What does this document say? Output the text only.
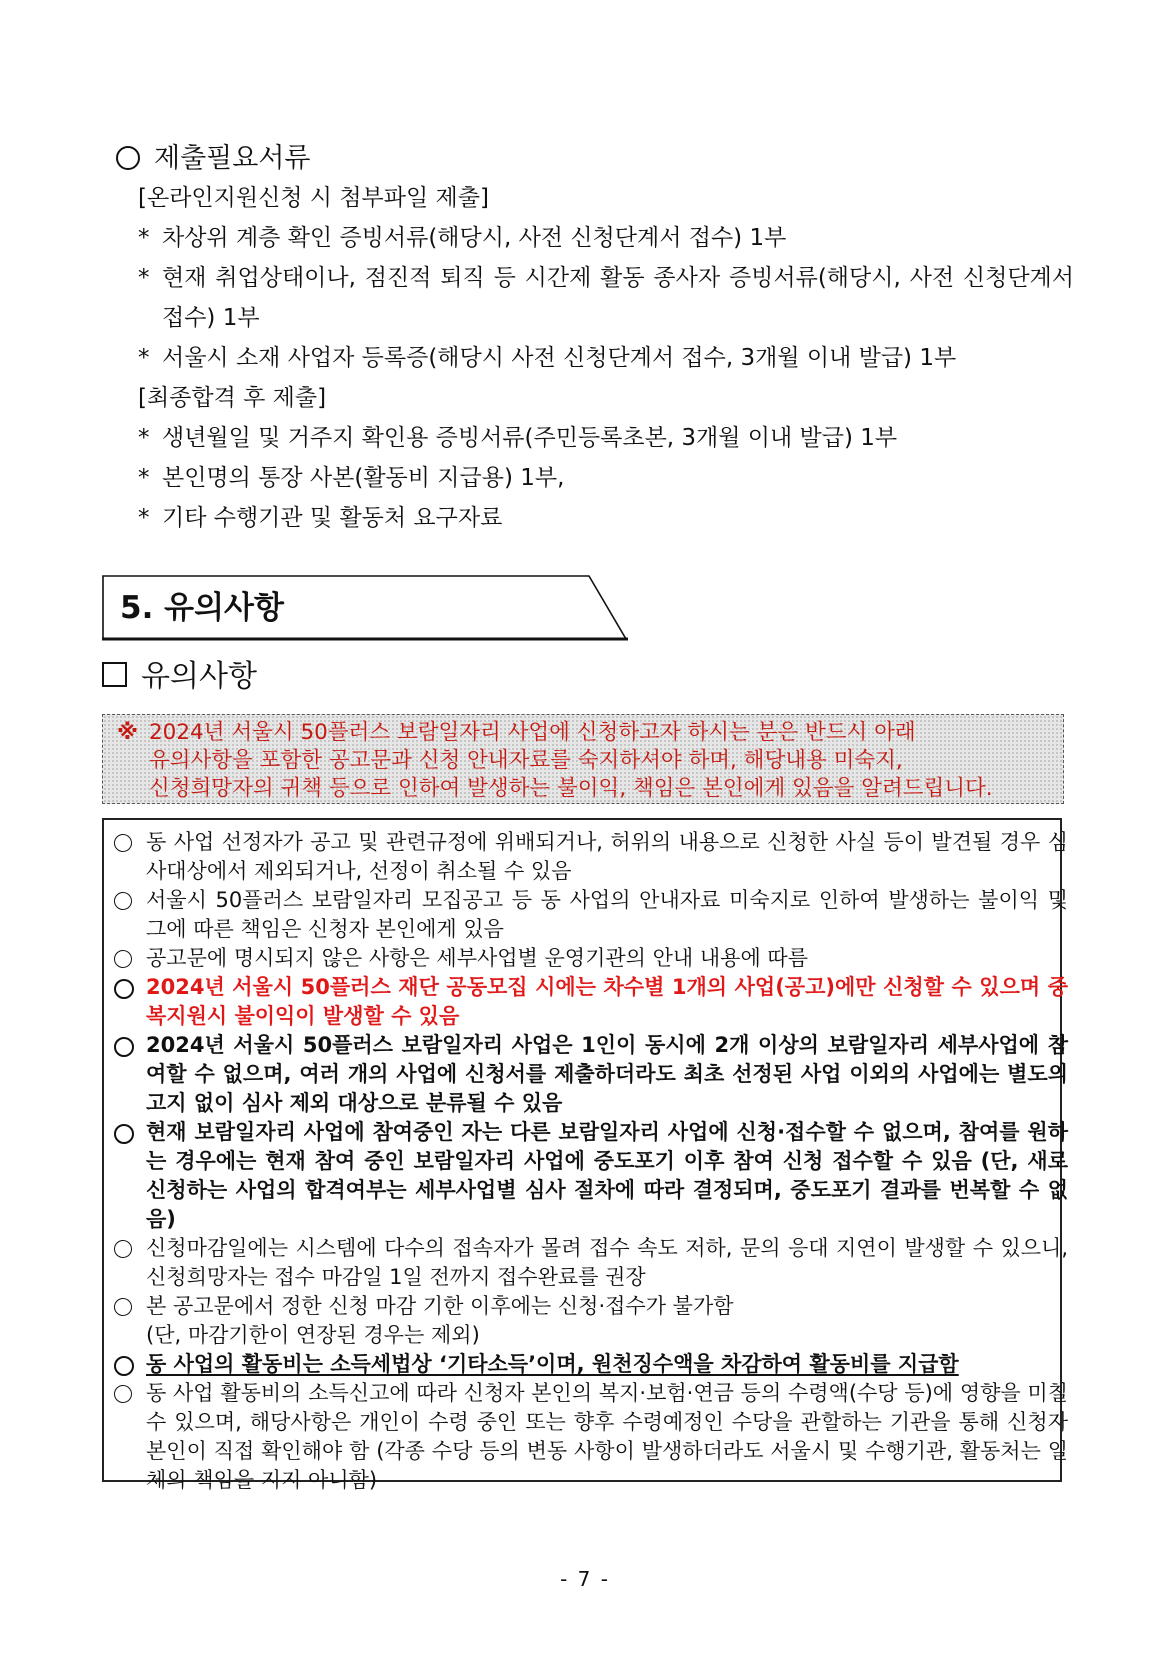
제출필요서류
[온라인지원신청 시 첨부파일 제출]
* 차상위 계층 확인 증빙서류(해당시, 사전 신청단계서 접수) 1부
* 현재 취업상태이나, 점진적 퇴직 등 시간제 활동 종사자 증빙서류(해당시, 사전 신청단계서 접수) 1부
* 서울시 소재 사업자 등록증(해당시 사전 신청단계서 접수, 3개월 이내 발급) 1부
[최종합격 후 제출]
* 생년월일 및 거주지 확인용 증빙서류(주민등록초본, 3개월 이내 발급) 1부
* 본인명의 통장 사본(활동비 지급용) 1부,
* 기타 수행기관 및 활동처 요구자료
5. 유의사항
유의사항
※ 2024년 서울시 50플러스 보람일자리 사업에 신청하고자 하시는 분은 반드시 아래
유의사항을 포함한 공고문과 신청 안내자료를 숙지하셔야 하며, 해당내용 미숙지,
신청희망자의 귀책 등으로 인하여 발생하는 불이익, 책임은 본인에게 있음을 알려드립니다.
동 사업 선정자가 공고 및 관련규정에 위배되거나, 허위의 내용으로 신청한 사실 등이 발견될 경우 심사대상에서 제외되거나, 선정이 취소될 수 있음
서울시 50플러스 보람일자리 모집공고 등 동 사업의 안내자료 미숙지로 인하여 발생하는 불이익 및 그에 따른 책임은 신청자 본인에게 있음
공고문에 명시되지 않은 사항은 세부사업별 운영기관의 안내 내용에 따름
2024년 서울시 50플러스 재단 공동모집 시에는 차수별 1개의 사업(공고)에만 신청할 수 있으며 중복지원시 불이익이 발생할 수 있음
2024년 서울시 50플러스 보람일자리 사업은 1인이 동시에 2개 이상의 보람일자리 세부사업에 참여할 수 없으며, 여러 개의 사업에 신청서를 제출하더라도 최초 선정된 사업 이외의 사업에는 별도의 고지 없이 심사 제외 대상으로 분류될 수 있음
현재 보람일자리 사업에 참여중인 자는 다른 보람일자리 사업에 신청·접수할 수 없으며, 참여를 원하는 경우에는 현재 참여 중인 보람일자리 사업에 중도포기 이후 참여 신청 접수할 수 있음 (단, 새로 신청하는 사업의 합격여부는 세부사업별 심사 절차에 따라 결정되며, 중도포기 결과를 번복할 수 없음)
신청마감일에는 시스템에 다수의 접속자가 몰려 접수 속도 저하, 문의 응대 지연이 발생할 수 있으니, 신청희망자는 접수 마감일 1일 전까지 접수완료를 권장
본 공고문에서 정한 신청 마감 기한 이후에는 신청·접수가 불가함
(단, 마감기한이 연장된 경우는 제외)
동 사업의 활동비는 소득세법상 ‘기타소득’이며, 원천징수액을 차감하여 활동비를 지급함
동 사업 활동비의 소득신고에 따라 신청자 본인의 복지·보험·연금 등의 수령액(수당 등)에 영향을 미칠 수 있으며, 해당사항은 개인이 수령 중인 또는 향후 수령예정인 수당을 관할하는 기관을 통해 신청자 본인이 직접 확인해야 함 (각종 수당 등의 변동 사항이 발생하더라도 서울시 및 수행기관, 활동처는 일체의 책임을 지지 아니함)
- 7 -
